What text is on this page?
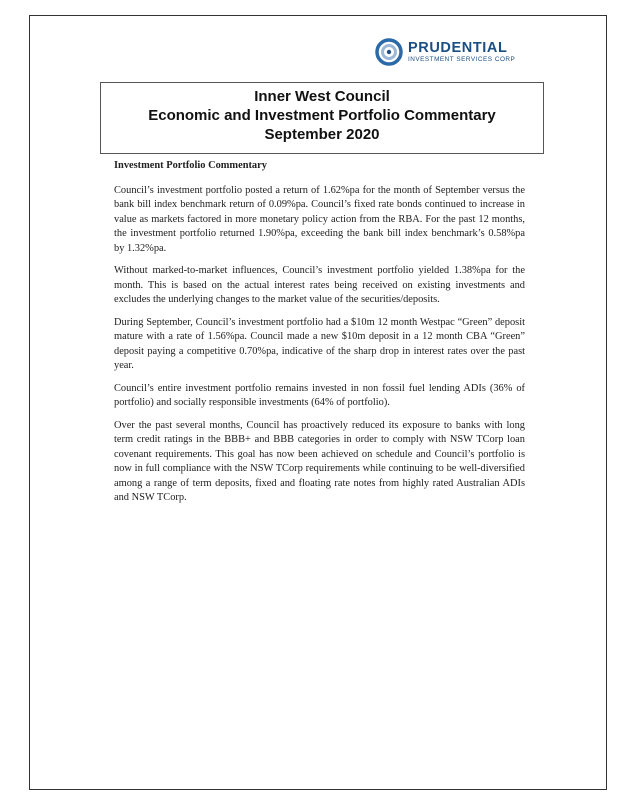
PRUDENTIAL
INVESTMENT SERVICES CORP
Inner West Council
Economic and Investment Portfolio Commentary
September 2020
Investment Portfolio Commentary

Council’s investment portfolio posted a return of 1.62%pa for the month of September versus the bank bill index benchmark return of 0.09%pa. Council’s fixed rate bonds continued to increase in value as markets factored in more monetary policy action from the RBA. For the past 12 months, the investment portfolio returned 1.90%pa, exceeding the bank bill index benchmark’s 0.58%pa by 1.32%pa.

Without marked-to-market influences, Council’s investment portfolio yielded 1.38%pa for the month. This is based on the actual interest rates being received on existing investments and excludes the underlying changes to the market value of the securities/deposits.

During September, Council’s investment portfolio had a $10m 12 month Westpac “Green” deposit mature with a rate of 1.56%pa. Council made a new $10m deposit in a 12 month CBA “Green” deposit paying a competitive 0.70%pa, indicative of the sharp drop in interest rates over the past year.

Council’s entire investment portfolio remains invested in non fossil fuel lending ADIs (36% of portfolio) and socially responsible investments (64% of portfolio).

Over the past several months, Council has proactively reduced its exposure to banks with long term credit ratings in the BBB+ and BBB categories in order to comply with NSW TCorp loan covenant requirements. This goal has now been achieved on schedule and Council’s portfolio is now in full compliance with the NSW TCorp requirements while continuing to be well-diversified among a range of term deposits, fixed and floating rate notes from highly rated Australian ADIs and NSW TCorp.
